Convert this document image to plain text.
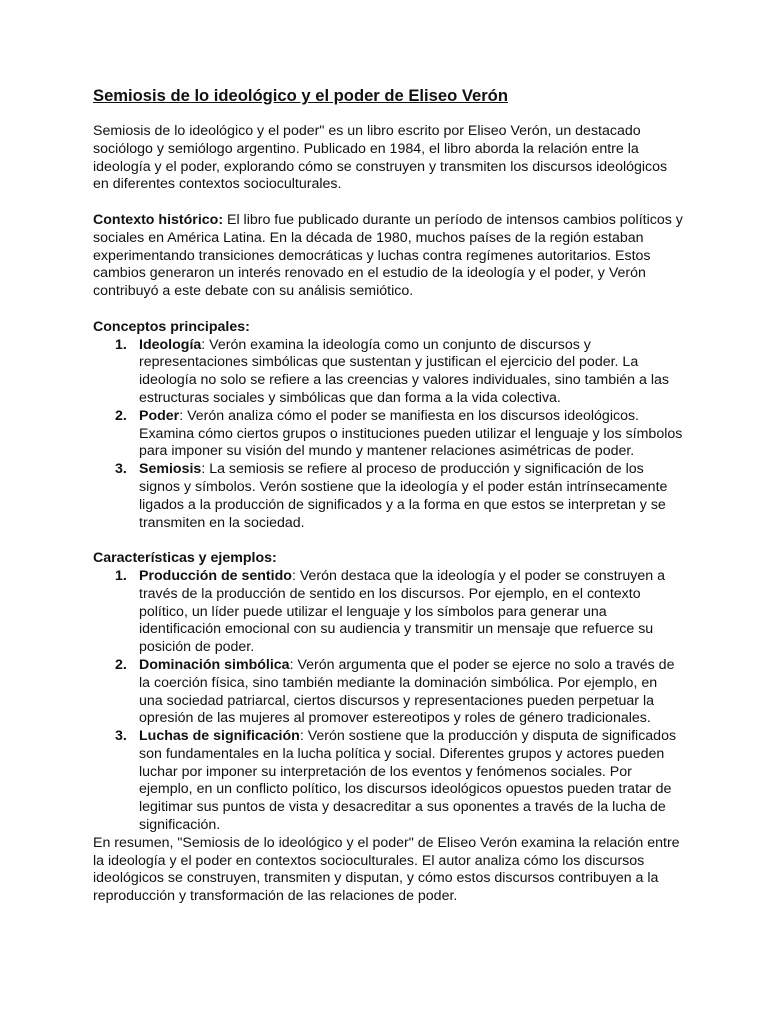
Semiosis de lo ideológico y el poder de Eliseo Verón

Semiosis de lo ideológico y el poder" es un libro escrito por Eliseo Verón, un destacado sociólogo y semiólogo argentino. Publicado en 1984, el libro aborda la relación entre la ideología y el poder, explorando cómo se construyen y transmiten los discursos ideológicos en diferentes contextos socioculturales.

Contexto histórico: El libro fue publicado durante un período de intensos cambios políticos y sociales en América Latina. En la década de 1980, muchos países de la región estaban experimentando transiciones democráticas y luchas contra regímenes autoritarios. Estos cambios generaron un interés renovado en el estudio de la ideología y el poder, y Verón contribuyó a este debate con su análisis semiótico.

Conceptos principales:

1. Ideología: Verón examina la ideología como un conjunto de discursos y representaciones simbólicas que sustentan y justifican el ejercicio del poder. La ideología no solo se refiere a las creencias y valores individuales, sino también a las estructuras sociales y simbólicas que dan forma a la vida colectiva.
2. Poder: Verón analiza cómo el poder se manifiesta en los discursos ideológicos. Examina cómo ciertos grupos o instituciones pueden utilizar el lenguaje y los símbolos para imponer su visión del mundo y mantener relaciones asimétricas de poder.
3. Semiosis: La semiosis se refiere al proceso de producción y significación de los signos y símbolos. Verón sostiene que la ideología y el poder están intrínsecamente ligados a la producción de significados y a la forma en que estos se interpretan y se transmiten en la sociedad.

Características y ejemplos:

1. Producción de sentido: Verón destaca que la ideología y el poder se construyen a través de la producción de sentido en los discursos. Por ejemplo, en el contexto político, un líder puede utilizar el lenguaje y los símbolos para generar una identificación emocional con su audiencia y transmitir un mensaje que refuerce su posición de poder.
2. Dominación simbólica: Verón argumenta que el poder se ejerce no solo a través de la coerción física, sino también mediante la dominación simbólica. Por ejemplo, en una sociedad patriarcal, ciertos discursos y representaciones pueden perpetuar la opresión de las mujeres al promover estereotipos y roles de género tradicionales.
3. Luchas de significación: Verón sostiene que la producción y disputa de significados son fundamentales en la lucha política y social. Diferentes grupos y actores pueden luchar por imponer su interpretación de los eventos y fenómenos sociales. Por ejemplo, en un conflicto político, los discursos ideológicos opuestos pueden tratar de legitimar sus puntos de vista y desacreditar a sus oponentes a través de la lucha de significación.

En resumen, "Semiosis de lo ideológico y el poder" de Eliseo Verón examina la relación entre la ideología y el poder en contextos socioculturales. El autor analiza cómo los discursos ideológicos se construyen, transmiten y disputan, y cómo estos discursos contribuyen a la reproducción y transformación de las relaciones de poder.
